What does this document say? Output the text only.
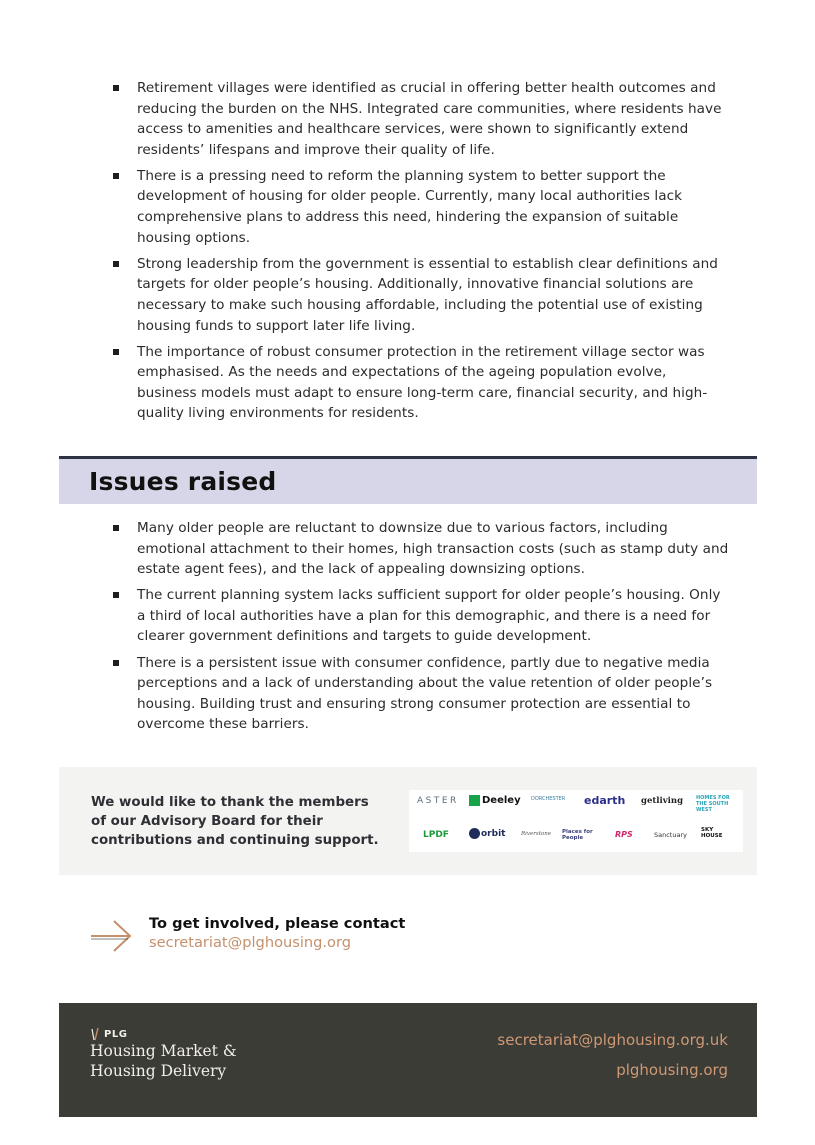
Retirement villages were identified as crucial in offering better health outcomes and reducing the burden on the NHS. Integrated care communities, where residents have access to amenities and healthcare services, were shown to significantly extend residents’ lifespans and improve their quality of life.
There is a pressing need to reform the planning system to better support the development of housing for older people. Currently, many local authorities lack comprehensive plans to address this need, hindering the expansion of suitable housing options.
Strong leadership from the government is essential to establish clear definitions and targets for older people’s housing. Additionally, innovative financial solutions are necessary to make such housing affordable, including the potential use of existing housing funds to support later life living.
The importance of robust consumer protection in the retirement village sector was emphasised. As the needs and expectations of the ageing population evolve, business models must adapt to ensure long-term care, financial security, and high-quality living environments for residents.
Issues raised
Many older people are reluctant to downsize due to various factors, including emotional attachment to their homes, high transaction costs (such as stamp duty and estate agent fees), and the lack of appealing downsizing options.
The current planning system lacks sufficient support for older people’s housing. Only a third of local authorities have a plan for this demographic, and there is a need for clearer government definitions and targets to guide development.
There is a persistent issue with consumer confidence, partly due to negative media perceptions and a lack of understanding about the value retention of older people’s housing. Building trust and ensuring strong consumer protection are essential to overcome these barriers.
We would like to thank the members of our Advisory Board for their contributions and continuing support.
ASTER Deeley DORCHESTER edarth getliving	HOMES FOR THE SOUTH WEST
LPDF	orbit	Riverstone Places for People	RPS	Sanctuary
SKY HOUSE
To get involved, please contact
secretariat@plghousing.org
PLG
Housing Market &
Housing Delivery
secretariat@plghousing.org.uk
plghousing.org
